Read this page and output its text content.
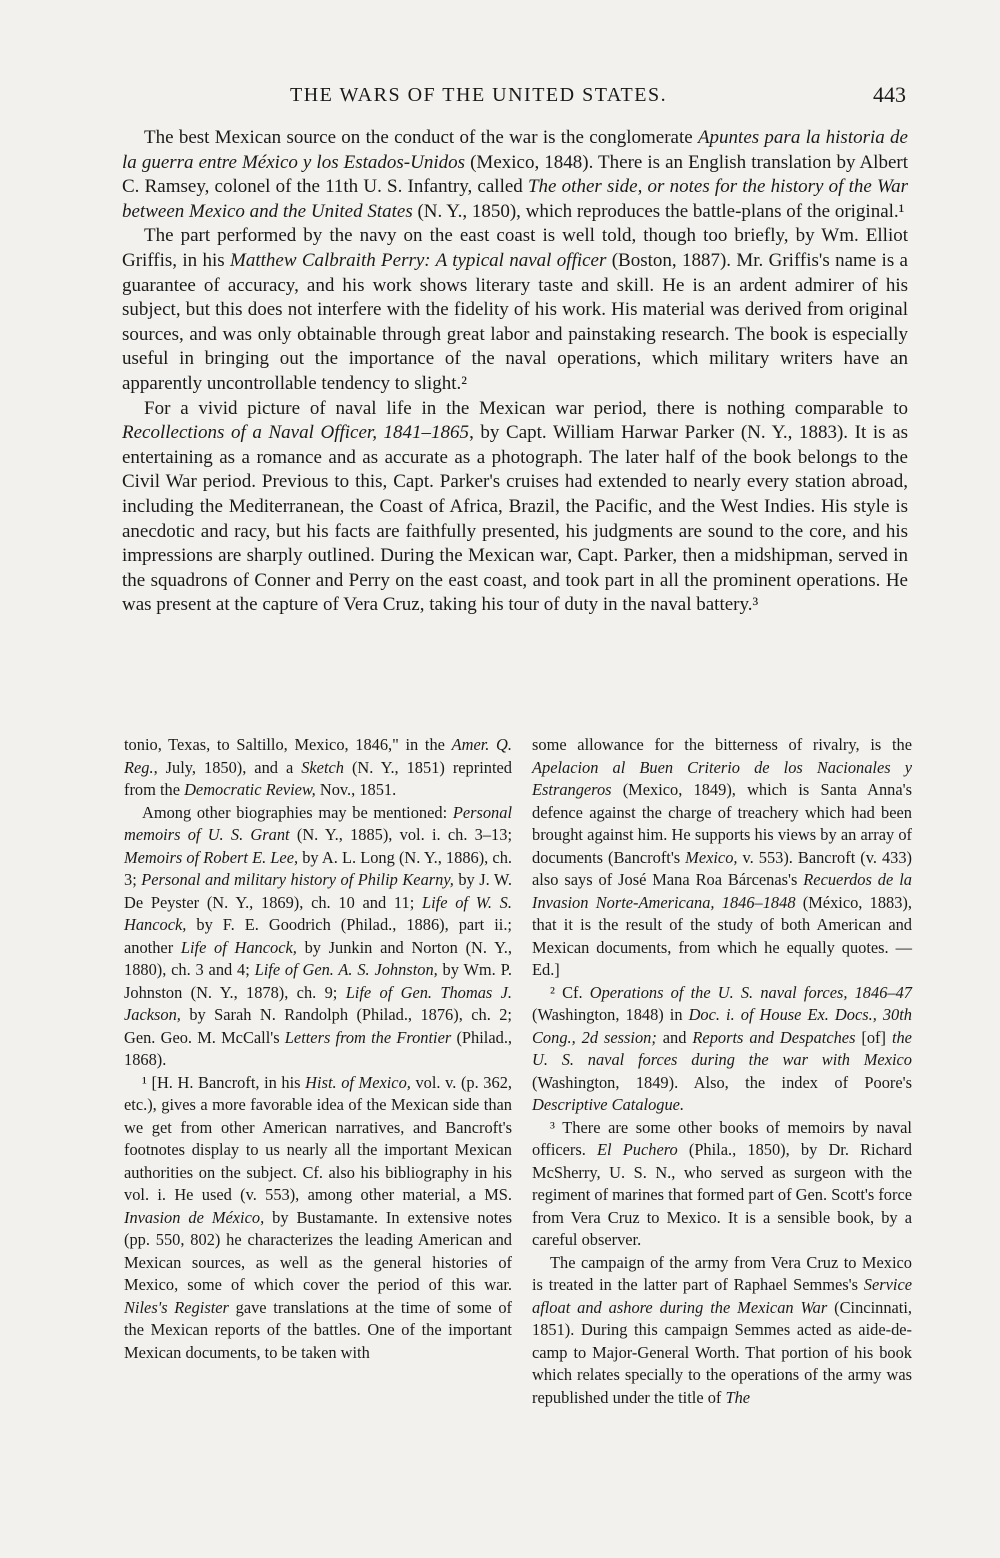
THE WARS OF THE UNITED STATES.	443

The best Mexican source on the conduct of the war is the conglomerate Apuntes para la historia de la guerra entre México y los Estados-Unidos (Mexico, 1848). There is an English translation by Albert C. Ramsey, colonel of the 11th U. S. Infantry, called The other side, or notes for the history of the War between Mexico and the United States (N. Y., 1850), which reproduces the battle-plans of the original.¹

The part performed by the navy on the east coast is well told, though too briefly, by Wm. Elliot Griffis, in his Matthew Calbraith Perry: A typical naval officer (Boston, 1887). Mr. Griffis's name is a guarantee of accuracy, and his work shows literary taste and skill. He is an ardent admirer of his subject, but this does not interfere with the fidelity of his work. His material was derived from original sources, and was only obtainable through great labor and painstaking research. The book is especially useful in bringing out the importance of the naval operations, which military writers have an apparently uncontrollable tendency to slight.²

For a vivid picture of naval life in the Mexican war period, there is nothing comparable to Recollections of a Naval Officer, 1841–1865, by Capt. William Harwar Parker (N. Y., 1883). It is as entertaining as a romance and as accurate as a photograph. The later half of the book belongs to the Civil War period. Previous to this, Capt. Parker's cruises had extended to nearly every station abroad, including the Mediterranean, the Coast of Africa, Brazil, the Pacific, and the West Indies. His style is anecdotic and racy, but his facts are faithfully presented, his judgments are sound to the core, and his impressions are sharply outlined. During the Mexican war, Capt. Parker, then a midshipman, served in the squadrons of Conner and Perry on the east coast, and took part in all the prominent operations. He was present at the capture of Vera Cruz, taking his tour of duty in the naval battery.³

tonio, Texas, to Saltillo, Mexico, 1846," in the Amer. Q. Reg., July, 1850), and a Sketch (N. Y., 1851) reprinted from the Democratic Review, Nov., 1851.

Among other biographies may be mentioned: Personal memoirs of U. S. Grant (N. Y., 1885), vol. i. ch. 3–13; Memoirs of Robert E. Lee, by A. L. Long (N. Y., 1886), ch. 3; Personal and military history of Philip Kearny, by J. W. De Peyster (N. Y., 1869), ch. 10 and 11; Life of W. S. Hancock, by F. E. Goodrich (Philad., 1886), part ii.; another Life of Hancock, by Junkin and Norton (N. Y., 1880), ch. 3 and 4; Life of Gen. A. S. Johnston, by Wm. P. Johnston (N. Y., 1878), ch. 9; Life of Gen. Thomas J. Jackson, by Sarah N. Randolph (Philad., 1876), ch. 2; Gen. Geo. M. McCall's Letters from the Frontier (Philad., 1868).

¹ [H. H. Bancroft, in his Hist. of Mexico, vol. v. (p. 362, etc.), gives a more favorable idea of the Mexican side than we get from other American narratives, and Bancroft's footnotes display to us nearly all the important Mexican authorities on the subject. Cf. also his bibliography in his vol. i. He used (v. 553), among other material, a MS. Invasion de México, by Bustamante. In extensive notes (pp. 550, 802) he characterizes the leading American and Mexican sources, as well as the general histories of Mexico, some of which cover the period of this war. Niles's Register gave translations at the time of some of the Mexican reports of the battles. One of the important Mexican documents, to be taken with

some allowance for the bitterness of rivalry, is the Apelacion al Buen Criterio de los Nacionales y Estrangeros (Mexico, 1849), which is Santa Anna's defence against the charge of treachery which had been brought against him. He supports his views by an array of documents (Bancroft's Mexico, v. 553). Bancroft (v. 433) also says of José Mana Roa Bárcenas's Recuerdos de la Invasion Norte-Americana, 1846–1848 (México, 1883), that it is the result of the study of both American and Mexican documents, from which he equally quotes. — Ed.]

² Cf. Operations of the U. S. naval forces, 1846–47 (Washington, 1848) in Doc. i. of House Ex. Docs., 30th Cong., 2d session; and Reports and Despatches [of] the U. S. naval forces during the war with Mexico (Washington, 1849). Also, the index of Poore's Descriptive Catalogue.

³ There are some other books of memoirs by naval officers. El Puchero (Phila., 1850), by Dr. Richard McSherry, U. S. N., who served as surgeon with the regiment of marines that formed part of Gen. Scott's force from Vera Cruz to Mexico. It is a sensible book, by a careful observer.

The campaign of the army from Vera Cruz to Mexico is treated in the latter part of Raphael Semmes's Service afloat and ashore during the Mexican War (Cincinnati, 1851). During this campaign Semmes acted as aide-de-camp to Major-General Worth. That portion of his book which relates specially to the operations of the army was republished under the title of The
